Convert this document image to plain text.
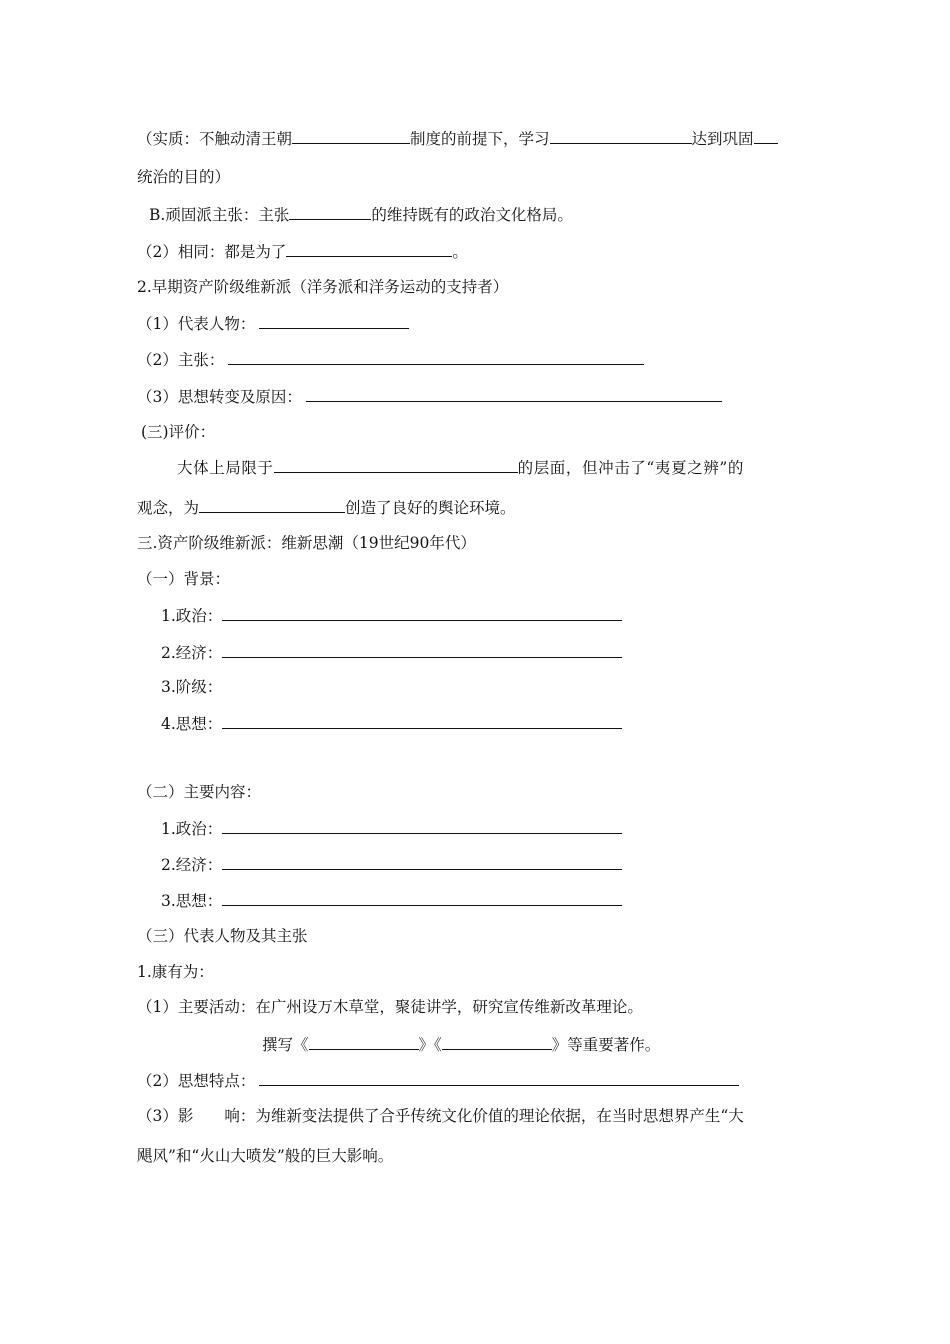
（实质：不触动清王朝	制度的前提下，学习	达到巩固
统治的目的）
B.顽固派主张：主张	的维持既有的政治文化格局。
（2）相同：都是为了	。
2.早期资产阶级维新派（洋务派和洋务运动的支持者）
（1）代表人物：
（2）主张：
（3）思想转变及原因：
(三)评价：
大体上局限于	的层面，但冲击了“夷夏之辨”的
观念，为	创造了良好的舆论环境。
三.资产阶级维新派：维新思潮（19世纪90年代）
（一）背景：
1.政治：
2.经济：
3.阶级：
4.思想：
（二）主要内容：
1.政治：
2.经济：
3.思想：
（三）代表人物及其主张
1.康有为：
（1）主要活动：在广州设万木草堂，聚徒讲学，研究宣传维新改革理论。
撰写《	》《	》等重要著作。
（2）思想特点：
（3）影　　响：为维新变法提供了合乎传统文化价值的理论依据，在当时思想界产生“大
飓风”和“火山大喷发”般的巨大影响。
